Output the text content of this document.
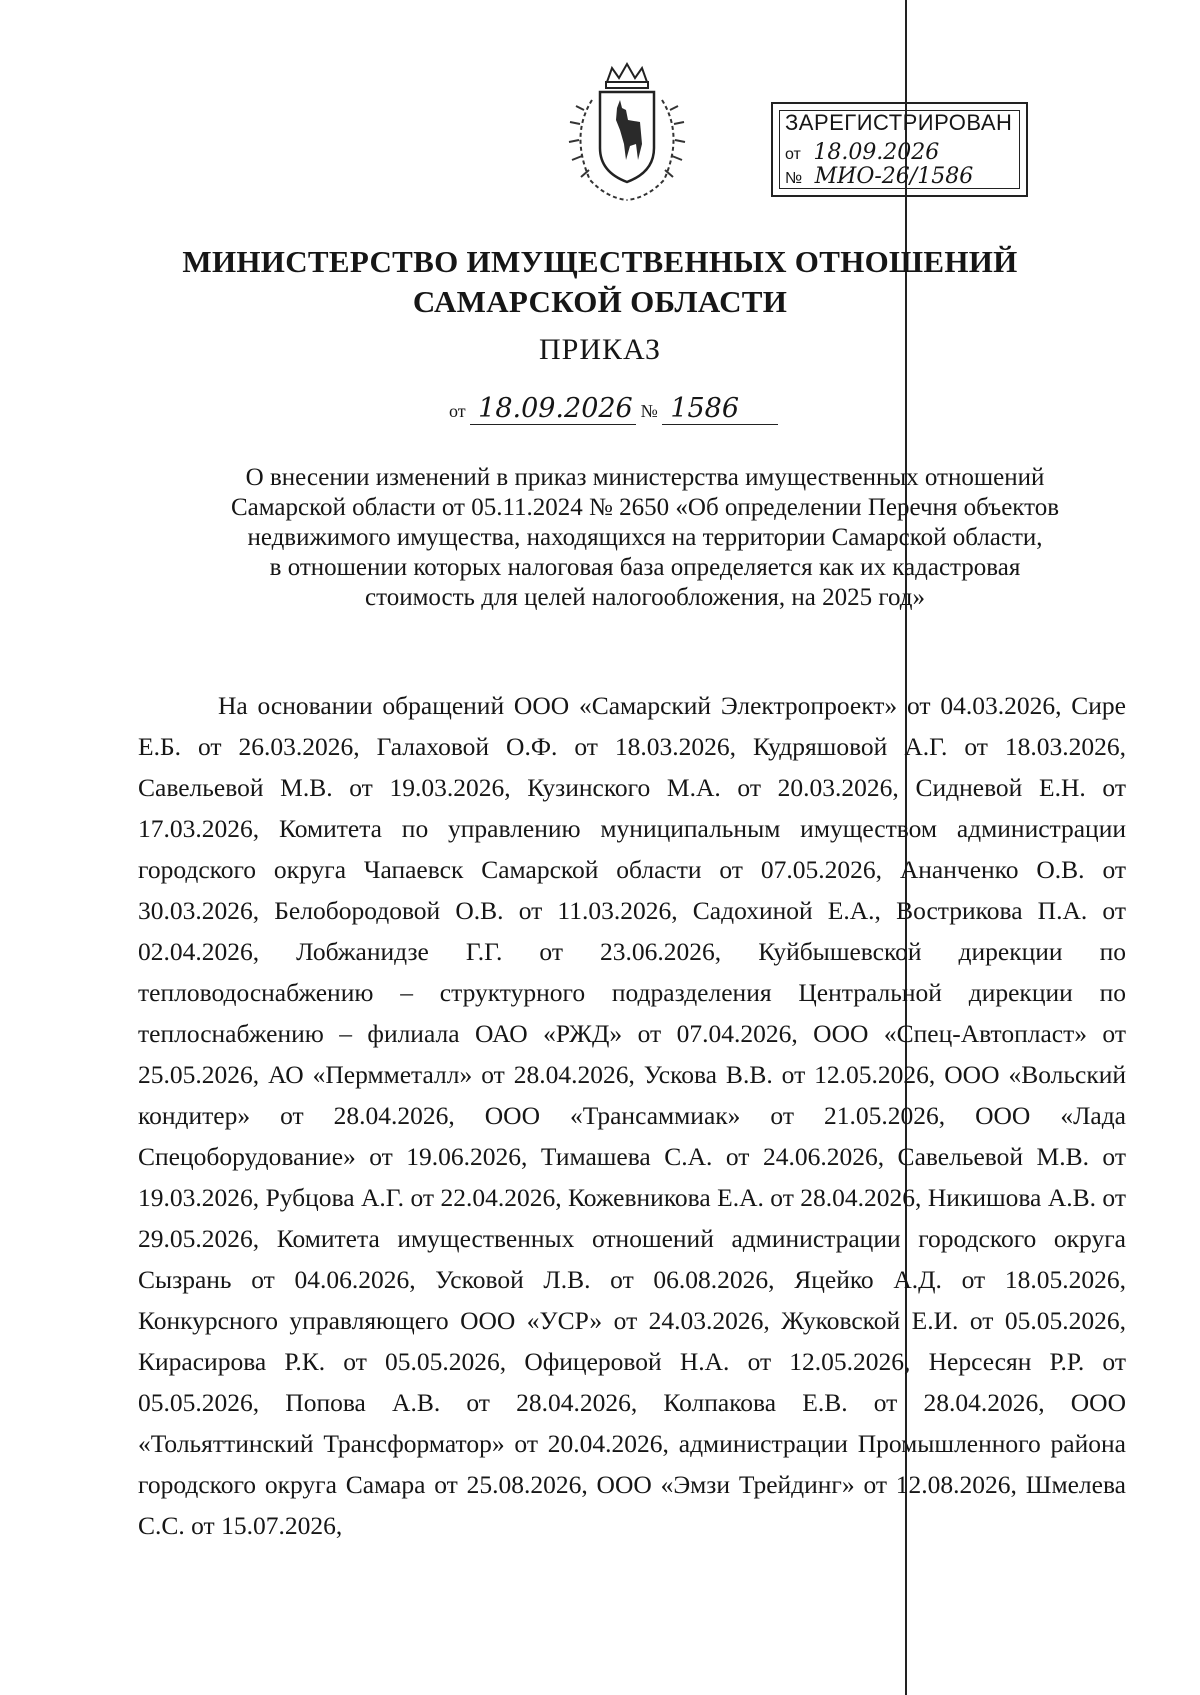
ЗАРЕГИСТРИРОВАН
от 18.09.2026
№ МИО-26/1586
МИНИСТЕРСТВО ИМУЩЕСТВЕННЫХ ОТНОШЕНИЙ
САМАРСКОЙ ОБЛАСТИ
ПРИКАЗ
от 18.09.2026 № 1586
О внесении изменений в приказ министерства имущественных отношений
Самарской области от 05.11.2024 № 2650 «Об определении Перечня объектов
недвижимого имущества, находящихся на территории Самарской области,
в отношении которых налоговая база определяется как их кадастровая
стоимость для целей налогообложения, на 2025 год»

На основании обращений ООО «Самарский Электропроект» от 04.03.2026, Сире Е.Б. от 26.03.2026, Галаховой О.Ф. от 18.03.2026, Кудряшовой А.Г. от 18.03.2026, Савельевой М.В. от 19.03.2026, Кузинского М.А. от 20.03.2026, Сидневой Е.Н. от 17.03.2026, Комитета по управлению муниципальным имуществом администрации городского округа Чапаевск Самарской области от 07.05.2026, Ананченко О.В. от 30.03.2026, Белобородовой О.В. от 11.03.2026, Садохиной Е.А., Вострикова П.А. от 02.04.2026, Лобжанидзе Г.Г. от 23.06.2026, Куйбышевской дирекции по тепловодоснабжению – структурного подразделения Центральной дирекции по теплоснабжению – филиала ОАО «РЖД» от 07.04.2026, ООО «Спец-Автопласт» от 25.05.2026, АО «Пермметалл» от 28.04.2026, Ускова В.В. от 12.05.2026, ООО «Вольский кондитер» от 28.04.2026, ООО «Трансаммиак» от 21.05.2026, ООО «Лада Спецоборудование» от 19.06.2026, Тимашева С.А. от 24.06.2026, Савельевой М.В. от 19.03.2026, Рубцова А.Г. от 22.04.2026, Кожевникова Е.А. от 28.04.2026, Никишова А.В. от 29.05.2026, Комитета имущественных отношений администрации городского округа Сызрань от 04.06.2026, Усковой Л.В. от 06.08.2026, Яцейко А.Д. от 18.05.2026, Конкурсного управляющего ООО «УСР» от 24.03.2026, Жуковской Е.И. от 05.05.2026, Кирасирова Р.К. от 05.05.2026, Офицеровой Н.А. от 12.05.2026, Нерсесян Р.Р. от 05.05.2026, Попова А.В. от 28.04.2026, Колпакова Е.В. от 28.04.2026, ООО «Тольяттинский Трансформатор» от 20.04.2026, администрации Промышленного района городского округа Самара от 25.08.2026, ООО «Эмзи Трейдинг» от 12.08.2026, Шмелева С.С. от 15.07.2026,
